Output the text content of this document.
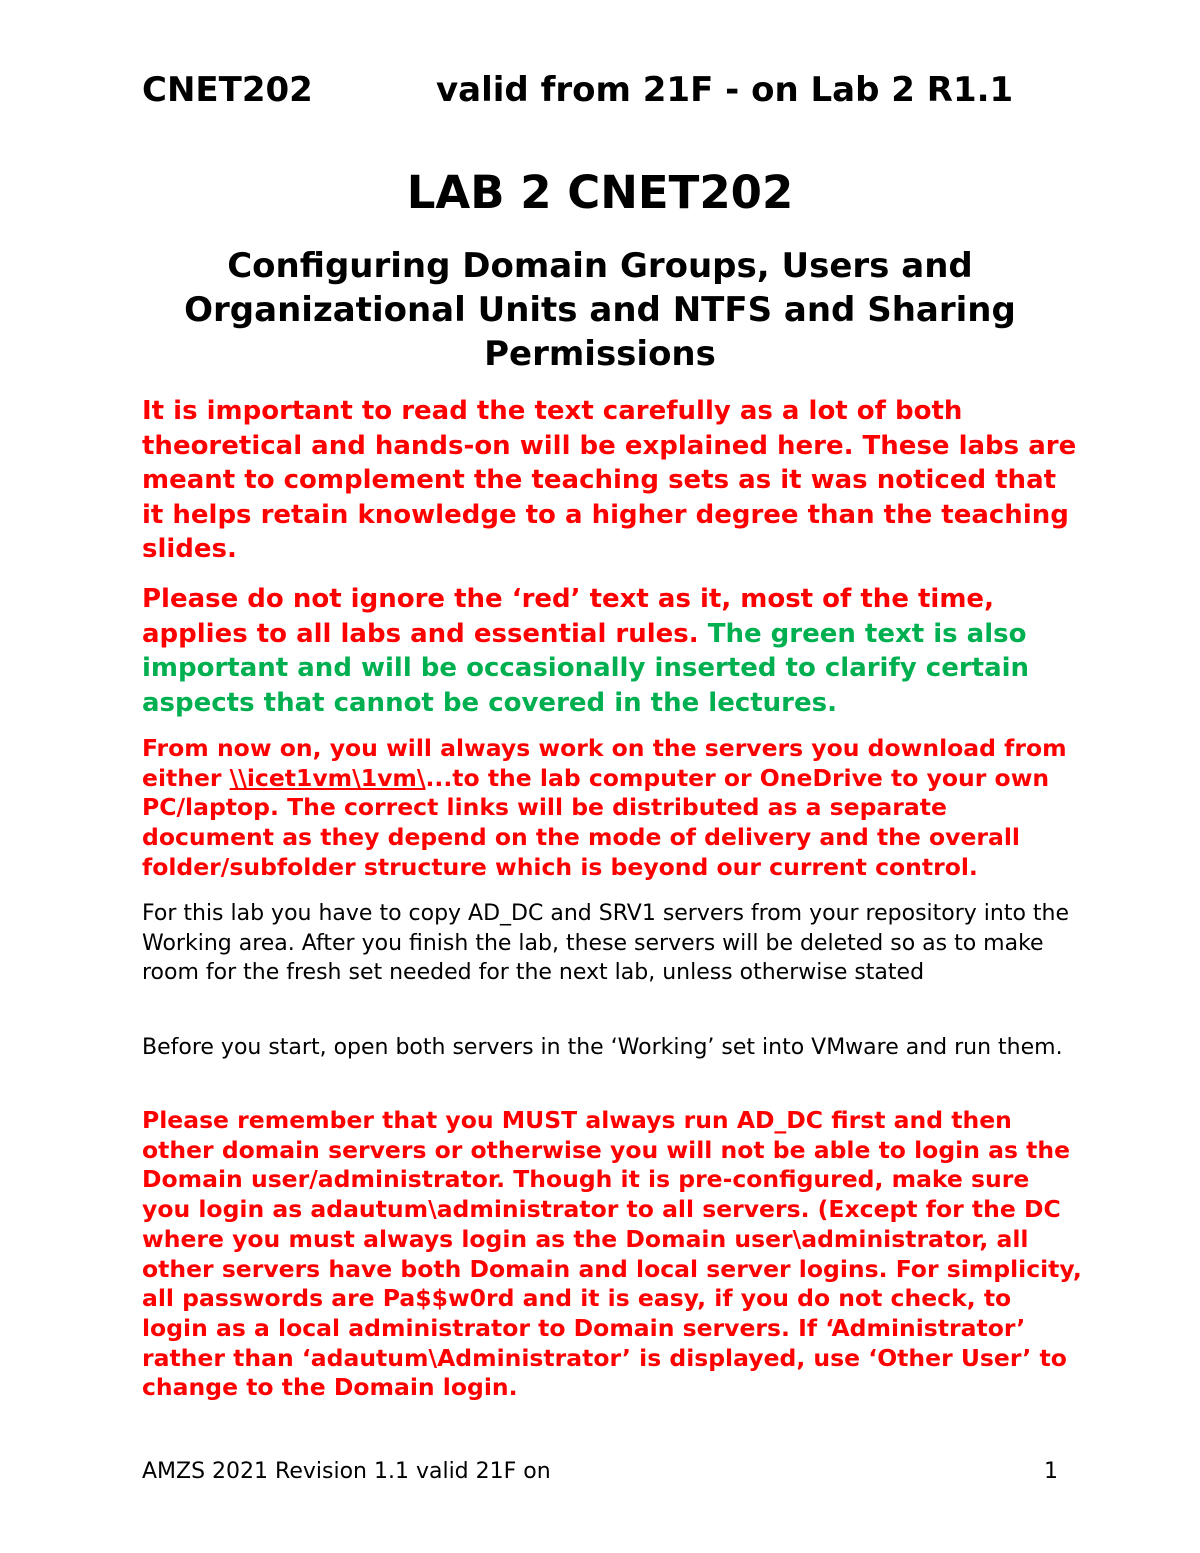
CNET202	valid from 21F - on Lab 2 R1.1
LAB 2 CNET202
Configuring Domain Groups, Users and Organizational Units and NTFS and Sharing Permissions
It is important to read the text carefully as a lot of both theoretical and hands-on will be explained here. These labs are meant to complement the teaching sets as it was noticed that it helps retain knowledge to a higher degree than the teaching slides.
Please do not ignore the ‘red’ text as it, most of the time, applies to all labs and essential rules. The green text is also important and will be occasionally inserted to clarify certain aspects that cannot be covered in the lectures.
From now on, you will always work on the servers you download from either \\icet1vm\1vm\...to the lab computer or OneDrive to your own PC/laptop. The correct links will be distributed as a separate document as they depend on the mode of delivery and the overall folder/subfolder structure which is beyond our current control.
For this lab you have to copy AD_DC and SRV1 servers from your repository into the Working area. After you finish the lab, these servers will be deleted so as to make room for the fresh set needed for the next lab, unless otherwise stated
Before you start, open both servers in the ‘Working’ set into VMware and run them.
Please remember that you MUST always run AD_DC first and then other domain servers or otherwise you will not be able to login as the Domain user/administrator. Though it is pre-configured, make sure you login as adautum\administrator to all servers. (Except for the DC where you must always login as the Domain user\administrator, all other servers have both Domain and local server logins. For simplicity, all passwords are Pa$$w0rd and it is easy, if you do not check, to login as a local administrator to Domain servers. If ‘Administrator’ rather than ‘adautum\Administrator’ is displayed, use ‘Other User’ to change to the Domain login.
AMZS 2021 Revision 1.1 valid 21F on	1
